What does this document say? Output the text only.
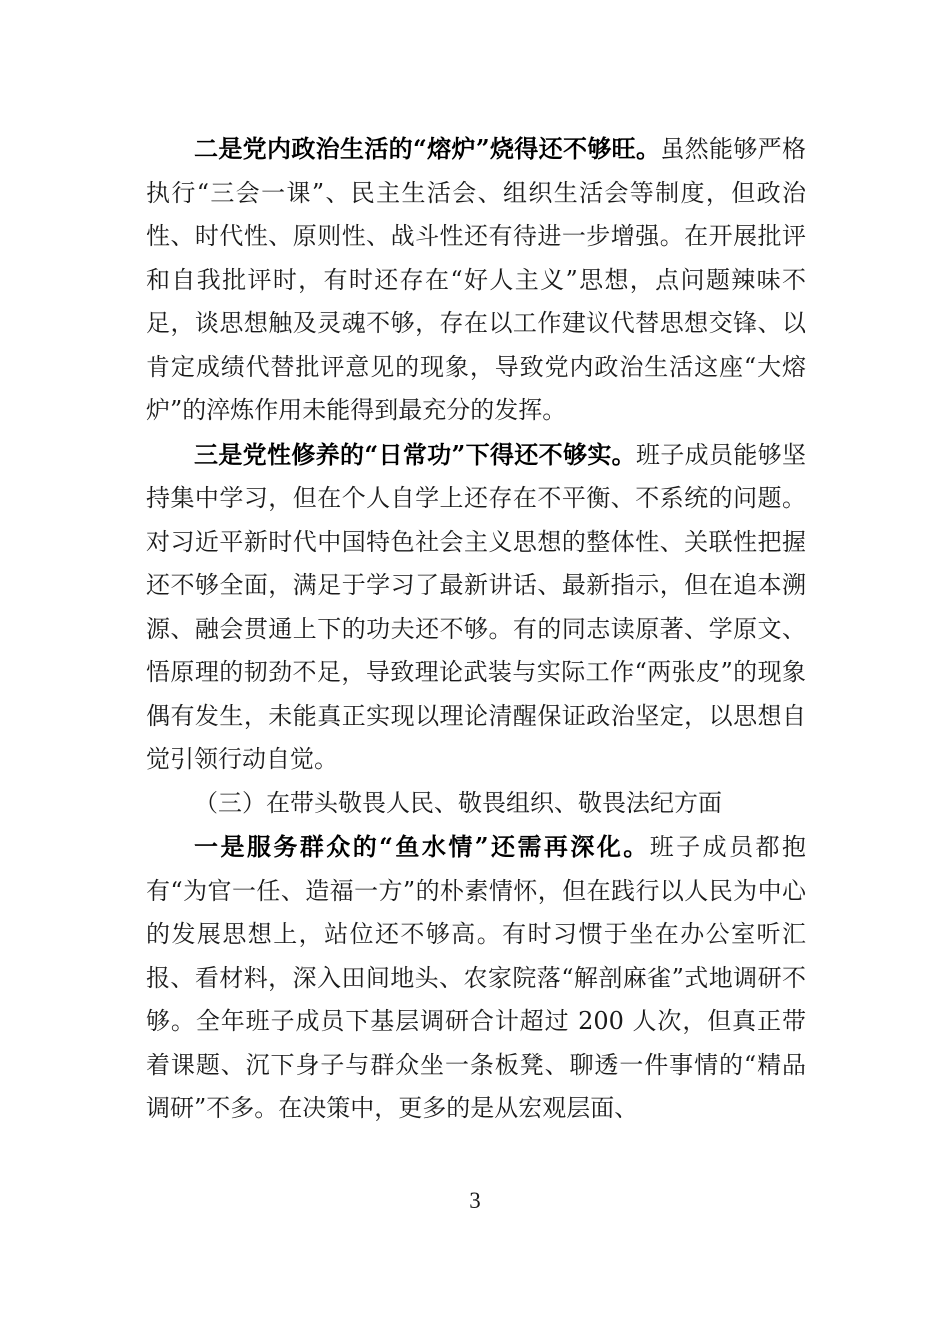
二是党内政治生活的“熔炉”烧得还不够旺。虽然能够严格执行“三会一课”、民主生活会、组织生活会等制度，但政治性、时代性、原则性、战斗性还有待进一步增强。在开展批评和自我批评时，有时还存在“好人主义”思想，点问题辣味不足，谈思想触及灵魂不够，存在以工作建议代替思想交锋、以肯定成绩代替批评意见的现象，导致党内政治生活这座“大熔炉”的淬炼作用未能得到最充分的发挥。

三是党性修养的“日常功”下得还不够实。班子成员能够坚持集中学习，但在个人自学上还存在不平衡、不系统的问题。对习近平新时代中国特色社会主义思想的整体性、关联性把握还不够全面，满足于学习了最新讲话、最新指示，但在追本溯源、融会贯通上下的功夫还不够。有的同志读原著、学原文、悟原理的韧劲不足，导致理论武装与实际工作“两张皮”的现象偶有发生，未能真正实现以理论清醒保证政治坚定，以思想自觉引领行动自觉。

（三）在带头敬畏人民、敬畏组织、敬畏法纪方面

一是服务群众的“鱼水情”还需再深化。班子成员都抱有“为官一任、造福一方”的朴素情怀，但在践行以人民为中心的发展思想上，站位还不够高。有时习惯于坐在办公室听汇报、看材料，深入田间地头、农家院落“解剖麻雀”式地调研不够。全年班子成员下基层调研合计超过 200 人次，但真正带着课题、沉下身子与群众坐一条板凳、聊透一件事情的“精品调研”不多。在决策中，更多的是从宏观层面、

3
